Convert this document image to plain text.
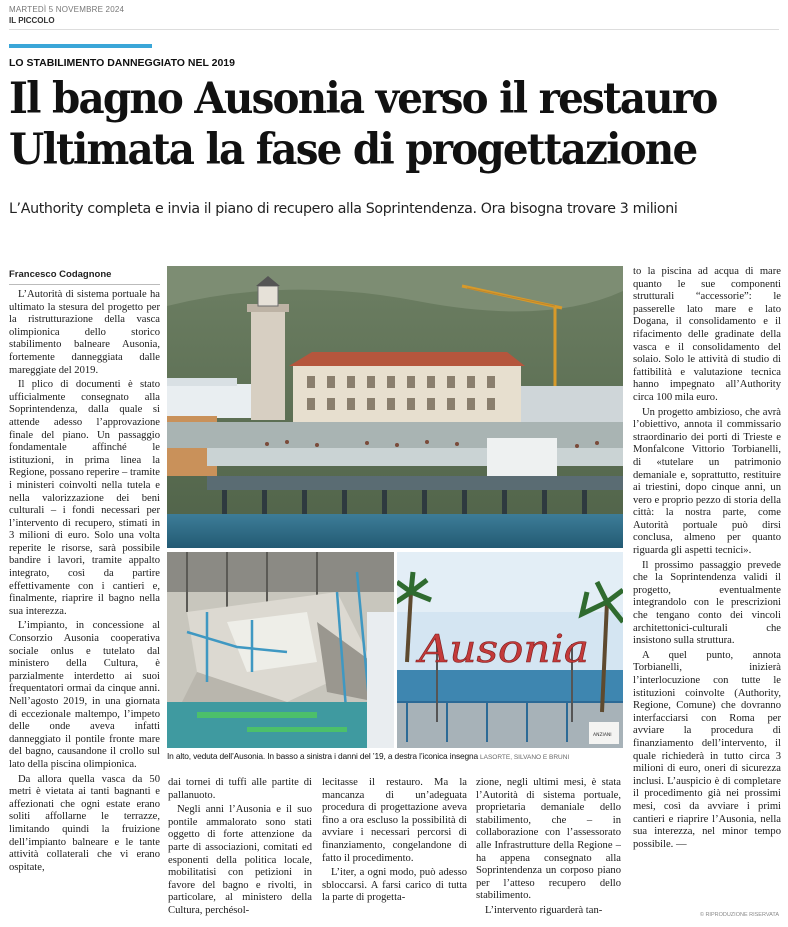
MARTEDÌ 5 NOVEMBRE 2024
IL PICCOLO
LO STABILIMENTO DANNEGGIATO NEL 2019
Il bagno Ausonia verso il restauro
Ultimata la fase di progettazione
L’Authority completa e invia il piano di recupero alla Soprintendenza. Ora bisogna trovare 3 milioni
Francesco Codagnone

L’Autorità di sistema portuale ha ultimato la stesura del progetto per la ristrutturazione della vasca olimpionica dello storico stabilimento balneare Ausonia, fortemente danneggiata dalle mareggiate del 2019.

Il plico di documenti è stato ufficialmente consegnato alla Soprintendenza, dalla quale si attende adesso l’approvazione finale del piano. Un passaggio fondamentale affinché le istituzioni, in prima linea la Regione, possano reperire – tramite i ministeri coinvolti nella tutela e nella valorizzazione dei beni culturali – i fondi necessari per l’intervento di recupero, stimati in 3 milioni di euro. Solo una volta reperite le risorse, sarà possibile bandire i lavori, tramite appalto integrato, così da partire effettivamente con i cantieri e, finalmente, riaprire il bagno nella sua interezza.

L’impianto, in concessione al Consorzio Ausonia cooperativa sociale onlus e tutelato dal ministero della Cultura, è parzialmente interdetto ai suoi frequentatori ormai da cinque anni. Nell’agosto 2019, in una giornata di eccezionale maltempo, l’impeto delle onde aveva infatti danneggiato il pontile fronte mare del bagno, causandone il crollo sul lato della piscina olimpionica.

Da allora quella vasca da 50 metri è vietata ai tanti bagnanti e affezionati che ogni estate erano soliti affollarne le terrazze, limitando quindi la fruizione dell’impianto balneare e le tante attività collaterali che vi erano ospitate,

Ausonia
ANZIANI
In alto, veduta dell’Ausonia. In basso a sinistra i danni del ’19, a destra l’iconica insegna LASORTE, SILVANO E BRUNI

dai tornei di tuffi alle partite di pallanuoto.

Negli anni l’Ausonia e il suo pontile ammalorato sono stati oggetto di forte attenzione da parte di associazioni, comitati ed esponenti della politica locale, mobilitatisi con petizioni in favore del bagno e rivolti, in particolare, al ministero della Cultura, perchésol-

lecitasse il restauro. Ma la mancanza di un’adeguata procedura di progettazione aveva fino a ora escluso la possibilità di avviare i necessari percorsi di finanziamento, congelandone di fatto il procedimento.

L’iter, a ogni modo, può adesso sbloccarsi. A farsi carico di tutta la parte di progetta-

zione, negli ultimi mesi, è stata l’Autorità di sistema portuale, proprietaria demaniale dello stabilimento, che – in collaborazione con l’assessorato alle Infrastrutture della Regione – ha appena consegnato alla Soprintendenza un corposo piano per l’atteso recupero dello stabilimento.

L’intervento riguarderà tan-

to la piscina ad acqua di mare quanto le sue componenti strutturali “accessorie”: le passerelle lato mare e lato Dogana, il consolidamento e il rifacimento delle gradinate della vasca e il consolidamento del solaio. Solo le attività di studio di fattibilità e valutazione tecnica hanno impegnato all’Authority circa 100 mila euro.

Un progetto ambizioso, che avrà l’obiettivo, annota il commissario straordinario dei porti di Trieste e Monfalcone Vittorio Torbianelli, di «tutelare un patrimonio demaniale e, soprattutto, restituire ai triestini, dopo cinque anni, un vero e proprio pezzo di storia della città: la nostra parte, come Autorità portuale può dirsi conclusa, almeno per quanto riguarda gli aspetti tecnici».

Il prossimo passaggio prevede che la Soprintendenza validi il progetto, eventualmente integrandolo con le prescrizioni che tengano conto dei vincoli architettonici-culturali che insistono sulla struttura.

A quel punto, annota Torbianelli, inizierà l’interlocuzione con tutte le istituzioni coinvolte (Authority, Regione, Comune) che dovranno interfacciarsi con Roma per avviare la procedura di finanziamento dell’intervento, il quale richiederà in tutto circa 3 milioni di euro, oneri di sicurezza inclusi. L’auspicio è di completare il procedimento già nei prossimi mesi, così da avviare i primi cantieri e riaprire l’Ausonia, nella sua interezza, nel minor tempo possibile. —

© RIPRODUZIONE RISERVATA
